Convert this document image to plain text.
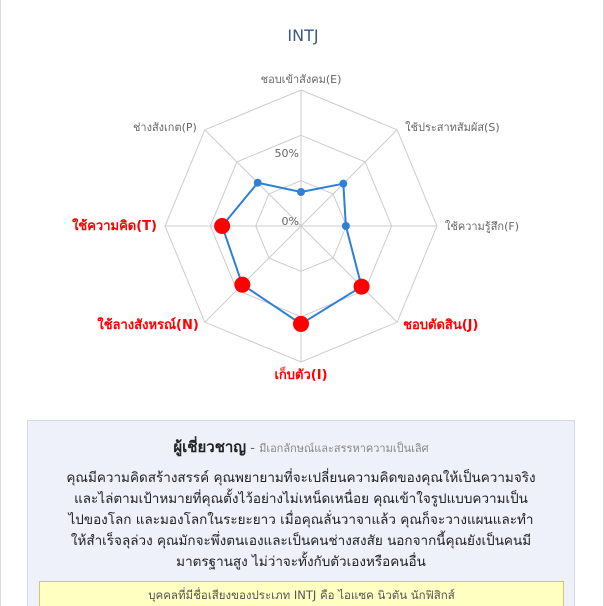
INTJ
50%
0%
ชอบเข้าสังคม(E)
ใช้ประสาทสัมผัส(S)
ใช้ความรู้สึก(F)
ชอบตัดสิน(J)
เก็บตัว(I)
ใช้ลางสังหรณ์(N)
ใช้ความคิด(T)
ช่างสังเกต(P)
ผู้เชี่ยวชาญ - มีเอกลักษณ์และสรรหาความเป็นเลิศ
คุณมีความคิดสร้างสรรค์ คุณพยายามที่จะเปลี่ยนความคิดของคุณให้เป็นความจริง
และไล่ตามเป้าหมายที่คุณตั้งไว้อย่างไม่เหน็ดเหนื่อย คุณเข้าใจรูปแบบความเป็น
ไปของโลก และมองโลกในระยะยาว เมื่อคุณลั่นวาจาแล้ว คุณก็จะวางแผนและทำ
ให้สำเร็จลุล่วง คุณมักจะพึ่งตนเองและเป็นคนช่างสงสัย นอกจากนี้คุณยังเป็นคนมี
มาตรฐานสูง ไม่ว่าจะทั้งกับตัวเองหรือคนอื่น
บุคคลที่มีชื่อเสียงของประเภท INTJ คือ ไอแซค นิวตัน นักฟิสิกส์
